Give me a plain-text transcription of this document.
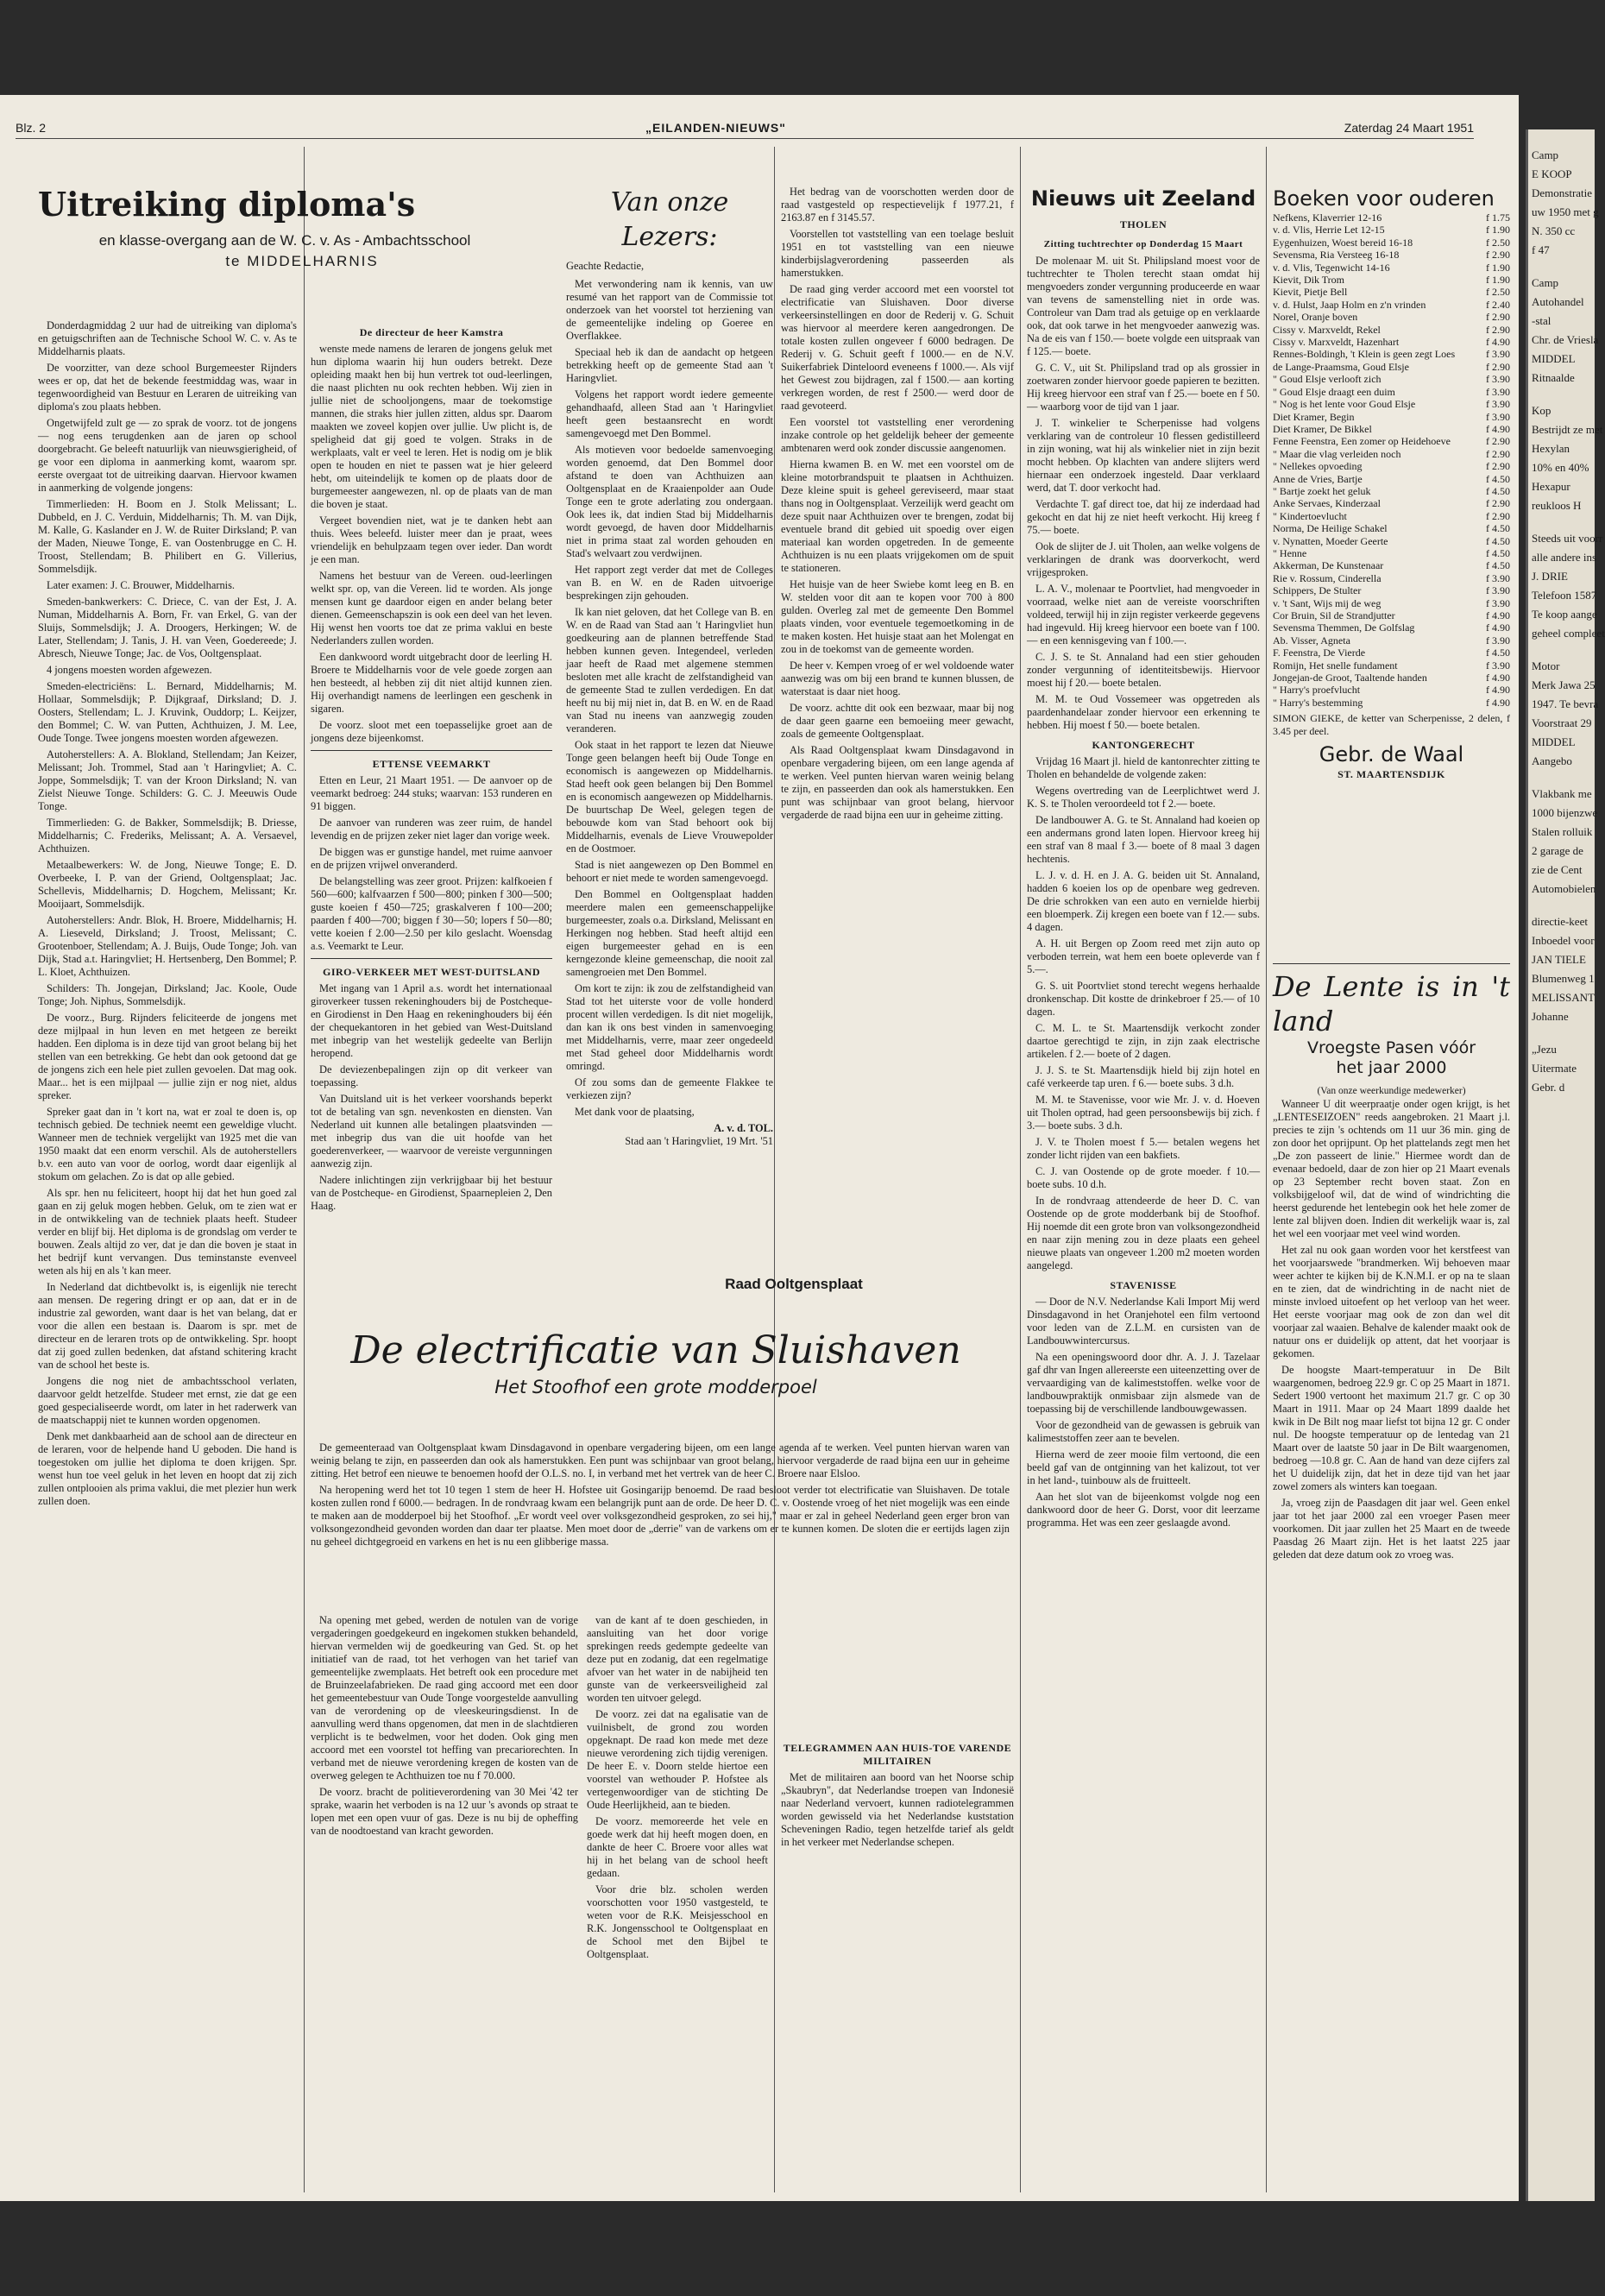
Blz. 2	„EILANDEN-NIEUWS"	Zaterdag 24 Maart 1951
Uitreiking diploma's
en klasse-overgang aan de W. C. v. As - Ambachtsschool
te MIDDELHARNIS

Donderdagmiddag 2 uur had de uitreiking van diploma's en getuigschriften aan de Technische School W. C. v. As te Middelharnis plaats.

De voorzitter, van deze school Burgemeester Rijnders wees er op, dat het de bekende feestmiddag was, waar in tegenwoordigheid van Bestuur en Leraren de uitreiking van diploma's zou plaats hebben.

Ongetwijfeld zult ge — zo sprak de voorz. tot de jongens — nog eens terugdenken aan de jaren op school doorgebracht. Ge beleeft natuurlijk van nieuwsgierigheid, of ge voor een diploma in aanmerking komt, waarom spr. eerste overgaat tot de uitreiking daarvan. Hiervoor kwamen in aanmerking de volgende jongens:

Timmerlieden: H. Boom en J. Stolk Melissant; L. Dubbeld, en J. C. Verduin, Middelharnis; Th. M. van Dijk, M. Kalle, G. Kaslander en J. W. de Ruiter Dirksland; P. van der Maden, Nieuwe Tonge, E. van Oostenbrugge en C. H. Troost, Stellendam; B. Philibert en G. Villerius, Sommelsdijk.

Later examen: J. C. Brouwer, Middelharnis.

Smeden-bankwerkers: C. Driece, C. van der Est, J. A. Numan, Middelharnis A. Born, Fr. van Erkel, G. van der Sluijs, Sommelsdijk; J. A. Droogers, Herkingen; W. de Later, Stellendam; J. Tanis, J. H. van Veen, Goedereede; J. Abresch, Nieuwe Tonge; Jac. de Vos, Ooltgensplaat.

4 jongens moesten worden afgewezen.

Smeden-electriciëns: L. Bernard, Middelharnis; M. Hollaar, Sommelsdijk; P. Dijkgraaf, Dirksland; D. J. Oosters, Stellendam; L. J. Kruvink, Ouddorp; L. Keijzer, den Bommel; C. W. van Putten, Achthuizen, J. M. Lee, Oude Tonge. Twee jongens moesten worden afgewezen.

Autoherstellers: A. A. Blokland, Stellendam; Jan Keizer, Melissant; Joh. Trommel, Stad aan 't Haringvliet; A. C. Joppe, Sommelsdijk; T. van der Kroon Dirksland; N. van Zielst Nieuwe Tonge. Schilders: G. C. J. Meeuwis Oude Tonge.

Timmerlieden: G. de Bakker, Sommelsdijk; B. Driesse, Middelharnis; C. Frederiks, Melissant; A. A. Versaevel, Achthuizen.

Metaalbewerkers: W. de Jong, Nieuwe Tonge; E. D. Overbeeke, I. P. van der Griend, Ooltgensplaat; Jac. Schellevis, Middelharnis; D. Hogchem, Melissant; Kr. Mooijaart, Sommelsdijk.

Autoherstellers: Andr. Blok, H. Broere, Middelharnis; H. A. Lieseveld, Dirksland; J. Troost, Melissant; C. Grootenboer, Stellendam; A. J. Buijs, Oude Tonge; Joh. van Dijk, Stad a.t. Haringvliet; H. Hertsenberg, Den Bommel; P. L. Kloet, Achthuizen.

Schilders: Th. Jongejan, Dirksland; Jac. Koole, Oude Tonge; Joh. Niphus, Sommelsdijk.

De voorz., Burg. Rijnders feliciteerde de jongens met deze mijlpaal in hun leven en met hetgeen ze bereikt hadden. Een diploma is in deze tijd van groot belang bij het stellen van een betrekking. Ge hebt dan ook getoond dat ge de jongens zich een hele piet zullen gevoelen. Dat mag ook. Maar... het is een mijlpaal — jullie zijn er nog niet, aldus spreker.

Spreker gaat dan in 't kort na, wat er zoal te doen is, op technisch gebied. De techniek neemt een geweldige vlucht. Wanneer men de techniek vergelijkt van 1925 met die van 1950 maakt dat een enorm verschil. Als de autoherstellers b.v. een auto van voor de oorlog, wordt daar eigenlijk al stokum om gelachen. Zo is dat op alle gebied.

Als spr. hen nu feliciteert, hoopt hij dat het hun goed zal gaan en zij geluk mogen hebben. Geluk, om te zien wat er in de ontwikkeling van de techniek plaats heeft. Studeer verder en blijf bij. Het diploma is de grondslag om verder te bouwen. Zeals altijd zo ver, dat je dan die boven je staat in het bedrijf kunt vervangen. Dus teminstanste evenveel weten als hij en als 't kan meer.

In Nederland dat dichtbevolkt is, is eigenlijk nie terecht aan mensen. De regering dringt er op aan, dat er in de industrie zal geworden, want daar is het van belang, dat er voor die allen een bestaan is. Daarom is spr. met de directeur en de leraren trots op de ontwikkeling. Spr. hoopt dat zij goed zullen bedenken, dat afstand schitering kracht van de school het beste is.

Jongens die nog niet de ambachtsschool verlaten, daarvoor geldt hetzelfde. Studeer met ernst, zie dat ge een goed gespecialiseerde wordt, om later in het raderwerk van de maatschappij niet te kunnen worden opgenomen.

Denk met dankbaarheid aan de school aan de directeur en de leraren, voor de helpende hand U geboden. Die hand is toegestoken om jullie het diploma te doen krijgen. Spr. wenst hun toe veel geluk in het leven en hoopt dat zij zich zullen ontplooien als prima vaklui, die met plezier hun werk zullen doen.

De directeur de heer Kamstra

wenste mede namens de leraren de jongens geluk met hun diploma waarin hij hun ouders betrekt. Deze opleiding maakt hen bij hun vertrek tot oud-leerlingen, die naast plichten nu ook rechten hebben. Wij zien in jullie niet de schooljongens, maar de toekomstige mannen, die straks hier jullen zitten, aldus spr. Daarom maakten we zoveel kopjen over jullie. Uw plicht is, de speligheid dat gij goed te volgen. Straks in de werkplaats, valt er veel te leren. Het is nodig om je blik open te houden en niet te passen wat je hier geleerd hebt, om uiteindelijk te komen op de plaats door de burgemeester aangewezen, nl. op de plaats van de man die boven je staat.

Vergeet bovendien niet, wat je te danken hebt aan thuis. Wees beleefd. luister meer dan je praat, wees vriendelijk en behulpzaam tegen over ieder. Dan wordt je een man.

Namens het bestuur van de Vereen. oud-leerlingen welkt spr. op, van die Vereen. lid te worden. Als jonge mensen kunt ge daardoor eigen en ander belang beter dienen. Gemeenschapszin is ook een deel van het leven. Hij wenst hen voorts toe dat ze prima vaklui en beste Nederlanders zullen worden.

Een dankwoord wordt uitgebracht door de leerling H. Broere te Middelharnis voor de vele goede zorgen aan hen besteedt, al hebben zij dit niet altijd kunnen zien. Hij overhandigt namens de leerlingen een geschenk in sigaren.

De voorz. sloot met een toepasselijke groet aan de jongens deze bijeenkomst.

ETTENSE VEEMARKT

Etten en Leur, 21 Maart 1951. — De aanvoer op de veemarkt bedroeg: 244 stuks; waarvan: 153 runderen en 91 biggen.

De aanvoer van runderen was zeer ruim, de handel levendig en de prijzen zeker niet lager dan vorige week.

De biggen was er gunstige handel, met ruime aanvoer en de prijzen vrijwel onveranderd.

De belangstelling was zeer groot. Prijzen: kalfkoeien f 560—600; kalfvaarzen f 500—800; pinken f 300—500; guste koeien f 450—725; graskalveren f 100—200; paarden f 400—700; biggen f 30—50; lopers f 50—80; vette koeien f 2.00—2.50 per kilo geslacht. Woensdag a.s. Veemarkt te Leur.

GIRO-VERKEER MET WEST-DUITSLAND

Met ingang van 1 April a.s. wordt het internationaal giroverkeer tussen rekeninghouders bij de Postcheque- en Girodienst in Den Haag en rekeninghouders bij één der chequekantoren in het gebied van West-Duitsland met inbegrip van het westelijk gedeelte van Berlijn heropend.

De deviezenbepalingen zijn op dit verkeer van toepassing.

Van Duitsland uit is het verkeer voorshands beperkt tot de betaling van sgn. nevenkosten en diensten. Van Nederland uit kunnen alle betalingen plaatsvinden — met inbegrip dus van die uit hoofde van het goederenverkeer, — waarvoor de vereiste vergunningen aanwezig zijn.

Nadere inlichtingen zijn verkrijgbaar bij het bestuur van de Postcheque- en Girodienst, Spaarnepleien 2, Den Haag.

Van onze Lezers:
Geachte Redactie,

Met verwondering nam ik kennis, van uw resumé van het rapport van de Commissie tot onderzoek van het voorstel tot herziening van de gemeentelijke indeling op Goeree en Overflakkee.

Speciaal heb ik dan de aandacht op hetgeen betrekking heeft op de gemeente Stad aan 't Haringvliet.

Volgens het rapport wordt iedere gemeente gehandhaafd, alleen Stad aan 't Haringvliet heeft geen bestaansrecht en wordt samengevoegd met Den Bommel.

Als motieven voor bedoelde samenvoeging worden genoemd, dat Den Bommel door afstand te doen van Achthuizen aan Ooltgensplaat en de Kraaienpolder aan Oude Tonge een te grote aderlating zou ondergaan. Ook lees ik, dat indien Stad bij Middelharnis wordt gevoegd, de haven door Middelharnis niet in prima staat zal worden gehouden en Stad's welvaart zou verdwijnen.

Het rapport zegt verder dat met de Colleges van B. en W. en de Raden uitvoerige besprekingen zijn gehouden.

Ik kan niet geloven, dat het College van B. en W. en de Raad van Stad aan 't Haringvliet hun goedkeuring aan de plannen betreffende Stad hebben kunnen geven. Integendeel, verleden jaar heeft de Raad met algemene stemmen besloten met alle kracht de zelfstandigheid van de gemeente Stad te zullen verdedigen. En dat heeft nu bij mij niet in, dat B. en W. en de Raad van Stad nu ineens van aanzwegig zouden veranderen.

Ook staat in het rapport te lezen dat Nieuwe Tonge geen belangen heeft bij Oude Tonge en economisch is aangewezen op Middelharnis. Stad heeft ook geen belangen bij Den Bommel en is economisch aangewezen op Middelharnis. De buurtschap De Weel, gelegen tegen de bebouwde kom van Stad behoort ook bij Middelharnis, evenals de Lieve Vrouwepolder en de Oostmoer.

Stad is niet aangewezen op Den Bommel en behoort er niet mede te worden samengevoegd.

Den Bommel en Ooltgensplaat hadden meerdere malen een gemeenschappelijke burgemeester, zoals o.a. Dirksland, Melissant en Herkingen nog hebben. Stad heeft altijd een eigen burgemeester gehad en is een kerngezonde kleine gemeenschap, die nooit zal samengroeien met Den Bommel.

Om kort te zijn: ik zou de zelfstandigheid van Stad tot het uiterste voor de volle honderd procent willen verdedigen. Is dit niet mogelijk, dan kan ik ons best vinden in samenvoeging met Middelharnis, verre, maar zeer ongedeeld met Stad geheel door Middelharnis wordt omringd.

Of zou soms dan de gemeente Flakkee te verkiezen zijn?

Met dank voor de plaatsing,

A. v. d. TOL.
Stad aan 't Haringvliet, 19 Mrt. '51

Het bedrag van de voorschotten werden door de raad vastgesteld op respectievelijk f 1977.21, f 2163.87 en f 3145.57.

Voorstellen tot vaststelling van een toelage besluit 1951 en tot vaststelling van een nieuwe kinderbijslagverordening passeerden als hamerstukken.

De raad ging verder accoord met een voorstel tot electrificatie van Sluishaven. Door diverse verkeersinstellingen en door de Rederij v. G. Schuit was hiervoor al meerdere keren aangedrongen. De totale kosten zullen ongeveer f 6000 bedragen. De Rederij v. G. Schuit geeft f 1000.— en de N.V. Suikerfabriek Dinteloord eveneens f 1000.—. Als vijf het Gewest zou bijdragen, zal f 1500.— aan korting verkregen worden, de rest f 2500.— werd door de raad gevoteerd.

Een voorstel tot vaststelling ener verordening inzake controle op het geldelijk beheer der gemeente ambtenaren werd ook zonder discussie aangenomen.

Hierna kwamen B. en W. met een voorstel om de kleine motorbrandspuit te plaatsen in Achthuizen. Deze kleine spuit is geheel gereviseerd, maar staat thans nog in Ooltgensplaat. Verzeilijk werd geacht om deze spuit naar Achthuizen over te brengen, zodat bij eventuele brand dit gebied uit spoedig over eigen materiaal kan worden opgetreden. In de gemeente Achthuizen is nu een plaats vrijgekomen om de spuit te stationeren.

Het huisje van de heer Swiebe komt leeg en B. en W. stelden voor dit aan te kopen voor 700 à 800 gulden. Overleg zal met de gemeente Den Bommel plaats vinden, voor eventuele tegemoetkoming in de te maken kosten. Het huisje staat aan het Molengat en zou in de toekomst van de gemeente worden.

De heer v. Kempen vroeg of er wel voldoende water aanwezig was om bij een brand te kunnen blussen, de waterstaat is daar niet hoog.

De voorz. achtte dit ook een bezwaar, maar bij nog de daar geen gaarne een bemoeiing meer gewacht, zoals de gemeente Ooltgensplaat.

Als Raad Ooltgensplaat kwam Dinsdagavond in openbare vergadering bijeen, om een lange agenda af te werken. Veel punten hiervan waren weinig belang te zijn, en passeerden dan ook als hamerstukken. Een punt was schijnbaar van groot belang, hiervoor vergaderde de raad bijna een uur in geheime zitting.

Raad Ooltgensplaat
De electrificatie van Sluishaven
Het Stoofhof een grote modderpoel

De gemeenteraad van Ooltgensplaat kwam Dinsdagavond in openbare vergadering bijeen, om een lange agenda af te werken. Veel punten hiervan waren van weinig belang te zijn, en passeerden dan ook als hamerstukken. Een punt was schijnbaar van groot belang, hiervoor vergaderde de raad bijna een uur in geheime zitting. Het betrof een nieuwe te benoemen hoofd der O.L.S. no. I, in verband met het vertrek van de heer C. Broere naar Elsloo.

Na heropening werd het tot 10 tegen 1 stem de heer H. Hofstee uit Gosingarijp benoemd. De raad besloot verder tot electrificatie van Sluishaven. De totale kosten zullen rond f 6000.— bedragen. In de rondvraag kwam een belangrijk punt aan de orde. De heer D. C. v. Oostende vroeg of het niet mogelijk was een einde te maken aan de modderpoel bij het Stoofhof. „Er wordt veel over volksgezondheid gesproken, zo sei hij," maar er zal in geheel Nederland geen erger bron van volksongezondheid gevonden worden dan daar ter plaatse. Men moet door de „derrie" van de varkens om er te kunnen komen. De sloten die er eertijds lagen zijn nu geheel dichtgegroeid en varkens en het is nu een glibberige massa.

Na opening met gebed, werden de notulen van de vorige vergaderingen goedgekeurd en ingekomen stukken behandeld, hiervan vermelden wij de goedkeuring van Ged. St. op het initiatief van de raad, tot het verhogen van het tarief van gemeentelijke zwemplaats. Het betreft ook een procedure met de Bruinzeelafabrieken. De raad ging accoord met een door het gemeentebestuur van Oude Tonge voorgestelde aanvulling van de verordening op de vleeskeuringsdienst. In de aanvulling werd thans opgenomen, dat men in de slachtdieren verplicht is te bedwelmen, voor het doden. Ook ging men accoord met een voorstel tot heffing van precariorechten. In verband met de nieuwe verordening kregen de kosten van de overweg gelegen te Achthuizen toe nu f 70.000.

De voorz. bracht de politieverordening van 30 Mei '42 ter sprake, waarin het verboden is na 12 uur 's avonds op straat te lopen met een open vuur of gas. Deze is nu bij de opheffing van de noodtoestand van kracht geworden.

van de kant af te doen geschieden, in aansluiting van het door vorige sprekingen reeds gedempte gedeelte van deze put en zodanig, dat een regelmatige afvoer van het water in de nabijheid ten gunste van de verkeersveiligheid zal worden ten uitvoer gelegd.

De voorz. zei dat na egalisatie van de vuilnisbelt, de grond zou worden opgeknapt. De raad kon mede met deze nieuwe verordening zich tijdig verenigen. De heer E. v. Doorn stelde hiertoe een voorstel van wethouder P. Hofstee als vertegenwoordiger van de stichting De Oude Heerlijkheid, aan te bieden.

De voorz. memoreerde het vele en goede werk dat hij heeft mogen doen, en dankte de heer C. Broere voor alles wat hij in het belang van de school heeft gedaan.

Voor drie blz. scholen werden voorschotten voor 1950 vastgesteld, te weten voor de R.K. Meisjesschool en R.K. Jongensschool te Ooltgensplaat en de School met den Bijbel te Ooltgensplaat.

TELEGRAMMEN AAN HUIS-TOE VARENDE MILITAIREN

Met de militairen aan boord van het Noorse schip „Skaubryn", dat Nederlandse troepen van Indonesië naar Nederland vervoert, kunnen radiotelegrammen worden gewisseld via het Nederlandse kuststation Scheveningen Radio, tegen hetzelfde tarief als geldt in het verkeer met Nederlandse schepen.

Nieuws uit Zeeland
THOLEN
Zitting tuchtrechter op Donderdag 15 Maart

De molenaar M. uit St. Philipsland moest voor de tuchtrechter te Tholen terecht staan omdat hij mengvoeders zonder vergunning produceerde en waar van tevens de samenstelling niet in orde was. Controleur van Dam trad als getuige op en verklaarde ook, dat ook tarwe in het mengvoeder aanwezig was. Na de eis van f 150.— boete volgde een uitspraak van f 125.— boete.

G. C. V., uit St. Philipsland trad op als grossier in zoetwaren zonder hiervoor goede papieren te bezitten. Hij kreeg hiervoor een straf van f 25.— boete en f 50.— waarborg voor de tijd van 1 jaar.

J. T. winkelier te Scherpenisse had volgens verklaring van de controleur 10 flessen gedistilleerd in zijn woning, wat hij als winkelier niet in zijn bezit mocht hebben. Op klachten van andere slijters werd hiernaar een onderzoek ingesteld. Daar verklaard werd, dat T. door verkocht had.

Verdachte T. gaf direct toe, dat hij ze inderdaad had gekocht en dat hij ze niet heeft verkocht. Hij kreeg f 75.— boete.

Ook de slijter de J. uit Tholen, aan welke volgens de verklaringen de drank was doorverkocht, werd vrijgesproken.

L. A. V., molenaar te Poortvliet, had mengvoeder in voorraad, welke niet aan de vereiste voorschriften voldeed, terwijl hij in zijn register verkeerde gegevens had ingevuld. Hij kreeg hiervoor een boete van f 100.— en een kennisgeving van f 100.—.

C. J. S. te St. Annaland had een stier gehouden zonder vergunning of identiteitsbewijs. Hiervoor moest hij f 20.— boete betalen.

M. M. te Oud Vossemeer was opgetreden als paardenhandelaar zonder hiervoor een erkenning te hebben. Hij moest f 50.— boete betalen.

KANTONGERECHT

Vrijdag 16 Maart jl. hield de kantonrechter zitting te Tholen en behandelde de volgende zaken:

Wegens overtreding van de Leerplichtwet werd J. K. S. te Tholen veroordeeld tot f 2.— boete.

De landbouwer A. G. te St. Annaland had koeien op een andermans grond laten lopen. Hiervoor kreeg hij een straf van 8 maal f 3.— boete of 8 maal 3 dagen hechtenis.

L. J. v. d. H. en J. A. G. beiden uit St. Annaland, hadden 6 koeien los op de openbare weg gedreven. De drie schrokken van een auto en vernielde hierbij een bloemperk. Zij kregen een boete van f 12.— subs. 4 dagen.

A. H. uit Bergen op Zoom reed met zijn auto op verboden terrein, wat hem een boete opleverde van f 5.—.

G. S. uit Poortvliet stond terecht wegens herhaalde dronkenschap. Dit kostte de drinkebroer f 25.— of 10 dagen.

C. M. L. te St. Maartensdijk verkocht zonder daartoe gerechtigd te zijn, in zijn zaak electrische artikelen. f 2.— boete of 2 dagen.

J. J. S. te St. Maartensdijk hield bij zijn hotel en café verkeerde tap uren. f 6.— boete subs. 3 d.h.

M. M. te Stavenisse, voor wie Mr. J. v. d. Hoeven uit Tholen optrad, had geen persoonsbewijs bij zich. f 3.— boete subs. 3 d.h.

J. V. te Tholen moest f 5.— betalen wegens het zonder licht rijden van een bakfiets.

C. J. van Oostende op de grote moeder. f 10.— boete subs. 10 d.h.

In de rondvraag attendeerde de heer D. C. van Oostende op de grote modderbank bij de Stoofhof. Hij noemde dit een grote bron van volksongezondheid en naar zijn mening zou in deze plaats een geheel nieuwe plaats van ongeveer 1.200 m2 moeten worden aangelegd.

STAVENISSE

— Door de N.V. Nederlandse Kali Import Mij werd Dinsdagavond in het Oranjehotel een film vertoond voor leden van de Z.L.M. en cursisten van de Landbouwwintercursus.

Na een openingswoord door dhr. A. J. J. Tazelaar gaf dhr van Ingen allereerste een uiteenzetting over de vervaardiging van de kalimeststoffen. welke voor de landbouwpraktijk onmisbaar zijn alsmede van de toepassing bij de verschillende landbouwgewassen.

Voor de gezondheid van de gewassen is gebruik van kalimeststoffen zeer aan te bevelen.

Hierna werd de zeer mooie film vertoond, die een beeld gaf van de ontginning van het kalizout, tot ver in het land-, tuinbouw als de fruitteelt.

Aan het slot van de bijeenkomst volgde nog een dankwoord door de heer G. Dorst, voor dit leerzame programma. Het was een zeer geslaagde avond.

Boeken voor ouderen
Nefkens, Klaverrier 12-16	f 1.75
v. d. Vlis, Herrie Let 12-15	f 1.90
Eygenhuizen, Woest bereid 16-18	f 2.50
Sevensma, Ria Versteeg 16-18	f 2.90
v. d. Vlis, Tegenwicht 14-16	f 1.90
Kievit, Dik Trom	f 1.90
Kievit, Pietje Bell	f 2.50
v. d. Hulst, Jaap Holm en z'n vrinden	f 2.40
Norel, Oranje boven	f 2.90
Cissy v. Marxveldt, Rekel	f 2.90
Cissy v. Marxveldt, Hazenhart	f 4.90
Rennes-Boldingh, 't Klein is geen zegt Loes	f 3.90
de Lange-Praamsma, Goud Elsje	f 2.90
" Goud Elsje verlooft zich	f 3.90
" Goud Elsje draagt een duim	f 3.90
" Nog is het lente voor Goud Elsje	f 3.90
Diet Kramer, Begin	f 3.90
Diet Kramer, De Bikkel	f 4.90
Fenne Feenstra, Een zomer op Heidehoeve	f 2.90
" Maar die vlag verleiden noch	f 2.90
" Nellekes opvoeding	f 2.90
Anne de Vries, Bartje	f 4.50
" Bartje zoekt het geluk	f 4.50
Anke Servaes, Kinderzaal	f 2.90
" Kindertoevlucht	f 2.90
Norma, De Heilige Schakel	f 4.50
v. Nynatten, Moeder Geerte	f 4.50
" Henne	f 4.50
Akkerman, De Kunstenaar	f 4.50
Rie v. Rossum, Cinderella	f 3.90
Schippers, De Stulter	f 3.90
v. 't Sant, Wijs mij de weg	f 3.90
Cor Bruin, Sil de Strandjutter	f 4.90
Sevensma Themmen, De Golfslag	f 4.90
Ab. Visser, Agneta	f 3.90
F. Feenstra, De Vierde	f 4.50
Romijn, Het snelle fundament	f 3.90
Jongejan-de Groot, Taaltende handen	f 4.90
" Harry's proefvlucht	f 4.90
" Harry's bestemming	f 4.90
SIMON GIEKE, de ketter van Scherpenisse, 2 delen, f 3.45 per deel.
Gebr. de Waal
ST. MAARTENSDIJK
De Lente is in 't land
Vroegste Pasen vóór
het jaar 2000
(Van onze weerkundige medewerker)

Wanneer U dit weerpraatje onder ogen krijgt, is het „LENTESEIZOEN" reeds aangebroken. 21 Maart j.l. precies te zijn 's ochtends om 11 uur 36 min. ging de zon door het oprijpunt. Op het plattelands zegt men het „De zon passeert de linie." Hiermee wordt dan de evenaar bedoeld, daar de zon hier op 21 Maart evenals op 23 September recht boven staat. Zon en volksbijgeloof wil, dat de wind of windrichting die heerst gedurende het lentebegin ook het hele zomer de lente zal blijven doen. Indien dit werkelijk waar is, zal het wel een voorjaar met veel wind worden.

Het zal nu ook gaan worden voor het kerstfeest van het voorjaarswede "brandmerken. Wij behoeven maar weer achter te kijken bij de K.N.M.I. er op na te slaan en te zien, dat de windrichting in de nacht niet de minste invloed uitoefent op het verloop van het weer. Het eerste voorjaar mag ook de zon dan wel dit voorjaar zal waaien. Behalve de kalender maakt ook de natuur ons er duidelijk op attent, dat het voorjaar is gekomen.

De hoogste Maart-temperatuur in De Bilt waargenomen, bedroeg 22.9 gr. C op 25 Maart in 1871. Sedert 1900 vertoont het maximum 21.7 gr. C op 30 Maart in 1911. Maar op 24 Maart 1899 daalde het kwik in De Bilt nog maar liefst tot bijna 12 gr. C onder nul. De hoogste temperatuur op de lentedag van 21 Maart over de laatste 50 jaar in De Bilt waargenomen, bedroeg —10.8 gr. C. Aan de hand van deze cijfers zal het U duidelijk zijn, dat het in deze tijd van het jaar zowel zomers als winters kan toegaan.

Ja, vroeg zijn de Paasdagen dit jaar wel. Geen enkel jaar tot het jaar 2000 zal een vroeger Pasen meer voorkomen. Dit jaar zullen het 25 Maart en de tweede Paasdag 26 Maart zijn. Het is het laatst 225 jaar geleden dat deze datum ook zo vroeg was.

Camp
E KOOP
Demonstratie
uw 1950 met g
N. 350 cc
f 47
Camp
Autohandel
-stal
Chr. de Vriesla
MIDDEL
Ritnaalde
Kop
Bestrijdt ze met
Hexylan
10% en 40%
Hexapur
reukloos H
Steeds uit voorr
alle andere ins
J. DRIE
Telefoon 1587
Te koop aange
geheel compleet
Motor
Merk Jawa 25
1947. Te bevra
Voorstraat 29
MIDDEL
Aangebo
Vlakbank me
1000 bijenzwe
Stalen rolluik
2 garage de
zie de Cent
Automobielen
directie-keet
Inboedel voor
JAN TIELE
Blumenweg 1
MELISSANT
Johanne
„Jezu
Uitermate
Gebr. d
